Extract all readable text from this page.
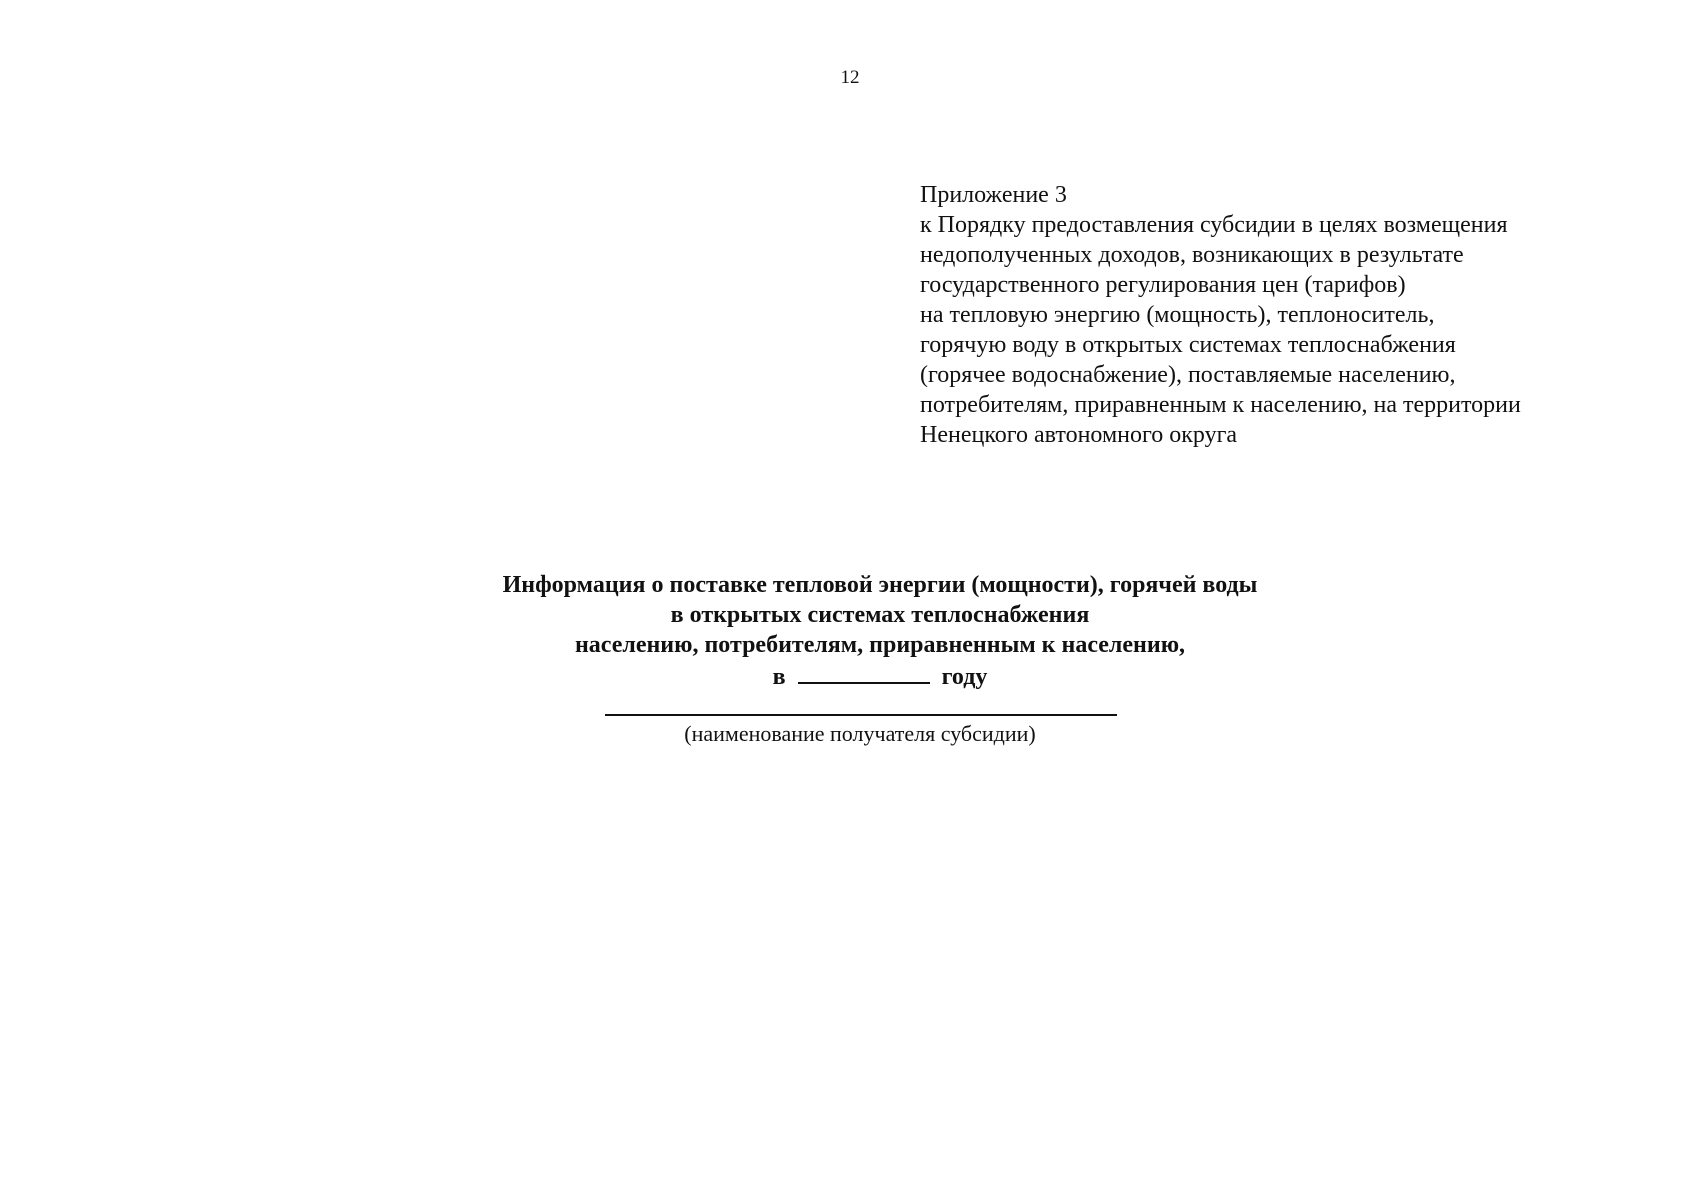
12
Приложение 3
к Порядку предоставления субсидии в целях возмещения
недополученных доходов, возникающих в результате
государственного регулирования цен (тарифов)
на тепловую энергию (мощность), теплоноситель,
горячую воду в открытых системах теплоснабжения
(горячее водоснабжение), поставляемые населению,
потребителям, приравненным к населению, на территории
Ненецкого автономного округа
Информация о поставке тепловой энергии (мощности), горячей воды
в открытых системах теплоснабжения
населению, потребителям, приравненным к населению,
в	году
(наименование получателя субсидии)
